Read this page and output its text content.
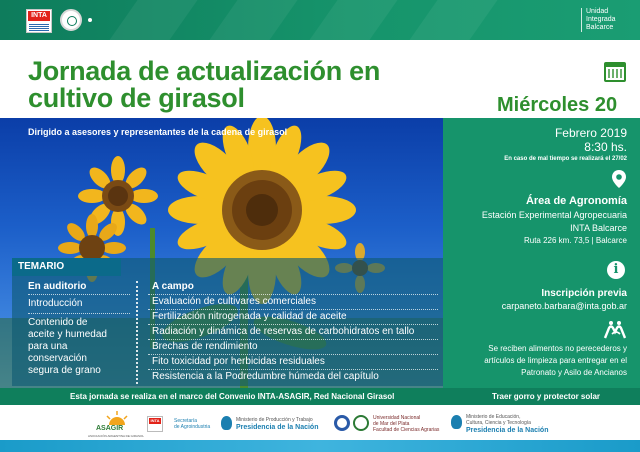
INTA
Unidad
Integrada
Balcarce
Jornada de actualización en
cultivo de girasol	Miércoles 20
Dirigido a asesores y representantes de la cadena de girasol	Febrero 2019
8:30 hs.
En caso de mal tiempo se realizará el 27/02
Área de Agronomía
Estación Experimental Agropecuaria
INTA Balcarce
Ruta 226 km. 73,5 | Balcarce
i
Inscripción previa
carpaneto.barbara@inta.gob.ar
Se reciben alimentos no perecederos y
artículos de limpieza para entregar en el
Patronato y Asilo de Ancianos
TEMARIO
En auditorio	A campo
Introducción
Contenido de
aceite y humedad
para una
conservación
segura de grano
Evaluación de cultivares comerciales
Fertilización nitrogenada y calidad de aceite
Radiación y dinámica de reservas de carbohidratos en tallo
Brechas de rendimiento
Fito toxicidad por herbicidas residuales
Resistencia a la Podredumbre húmeda del capítulo
Esta jornada se realiza en el marco del Convenio INTA-ASAGIR, Red Nacional Girasol	Traer gorro y protector solar
ASAGIR
ASOCIACIÓN ARGENTINA DE GIRASOL
INTA	Secretaría
de Agroindustria
Ministerio de Producción y Trabajo
Presidencia de la Nación
Universidad Nacional
de Mar del Plata
Facultad de Ciencias Agrarias
Ministerio de Educación,
Cultura, Ciencia y Tecnología
Presidencia de la Nación
